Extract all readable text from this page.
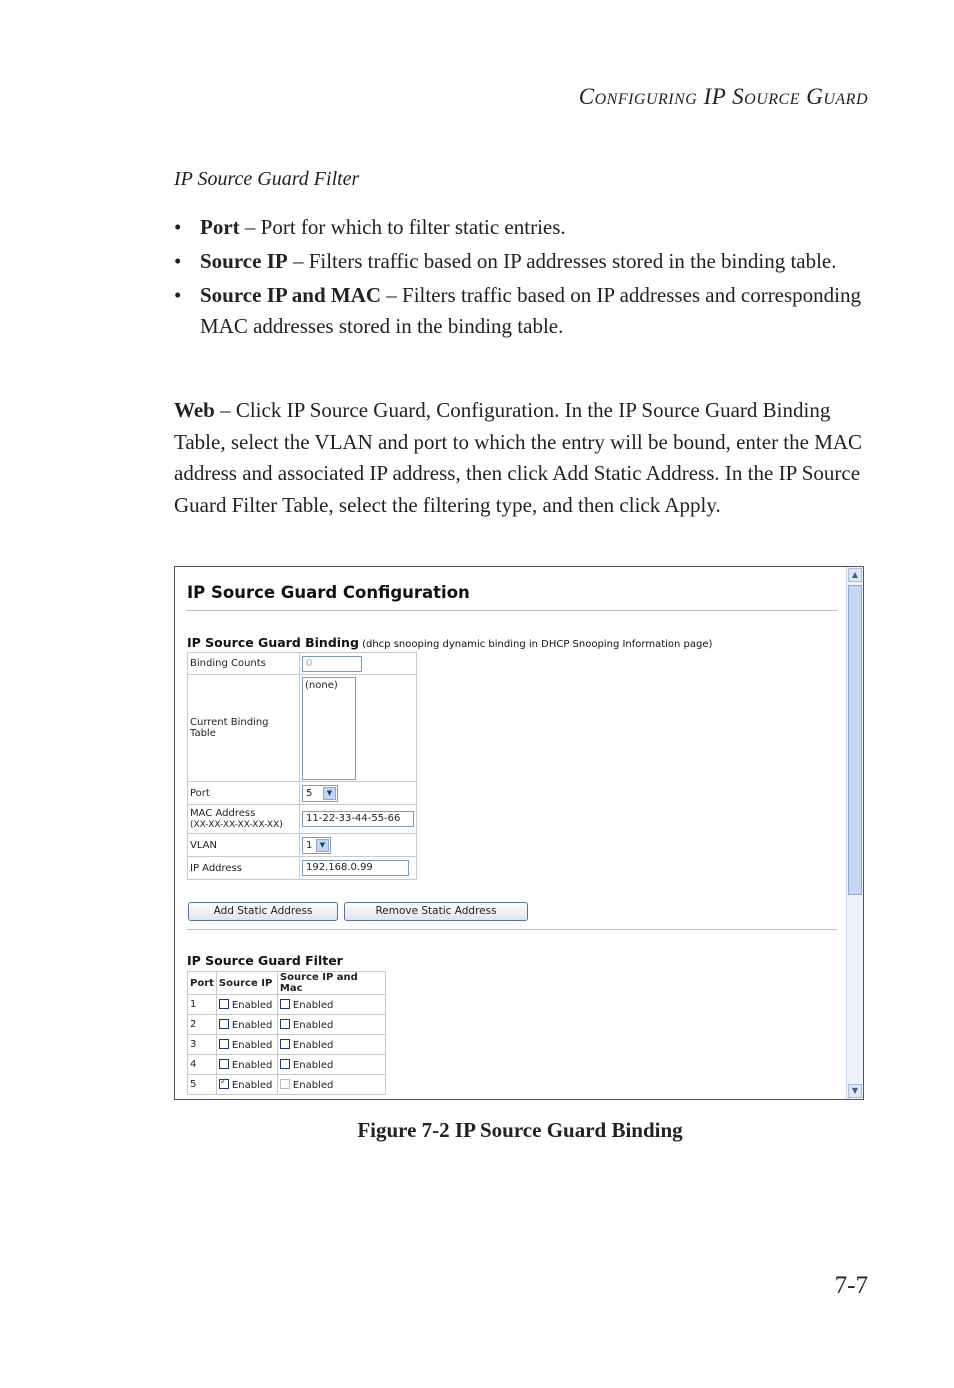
Configuring IP Source Guard
IP Source Guard Filter
• Port – Port for which to filter static entries.
• Source IP – Filters traffic based on IP addresses stored in the binding table.
• Source IP and MAC – Filters traffic based on IP addresses and corresponding MAC addresses stored in the binding table.

Web – Click IP Source Guard, Configuration. In the IP Source Guard Binding Table, select the VLAN and port to which the entry will be bound, enter the MAC address and associated IP address, then click Add Static Address. In the IP Source Guard Filter Table, select the filtering type, and then click Apply.

IP Source Guard Configuration
IP Source Guard Binding (dhcp snooping dynamic binding in DHCP Snooping Information page)
Binding Counts	0
Current Binding Table	(none)
Port	5 ▼

MAC Address
(XX-XX-XX-XX-XX-XX)	11-22-33-44-55-66
VLAN	1 ▼

IP Address	192.168.0.99
Add Static Address	Remove Static Address
IP Source Guard Filter
Port	Source IP	Source IP and Mac
1	Enabled	Enabled
2	Enabled	Enabled
3	Enabled	Enabled
4	Enabled	Enabled
5	✓Enabled	Enabled
▲
▼
Figure 7-2 IP Source Guard Binding
7-7
